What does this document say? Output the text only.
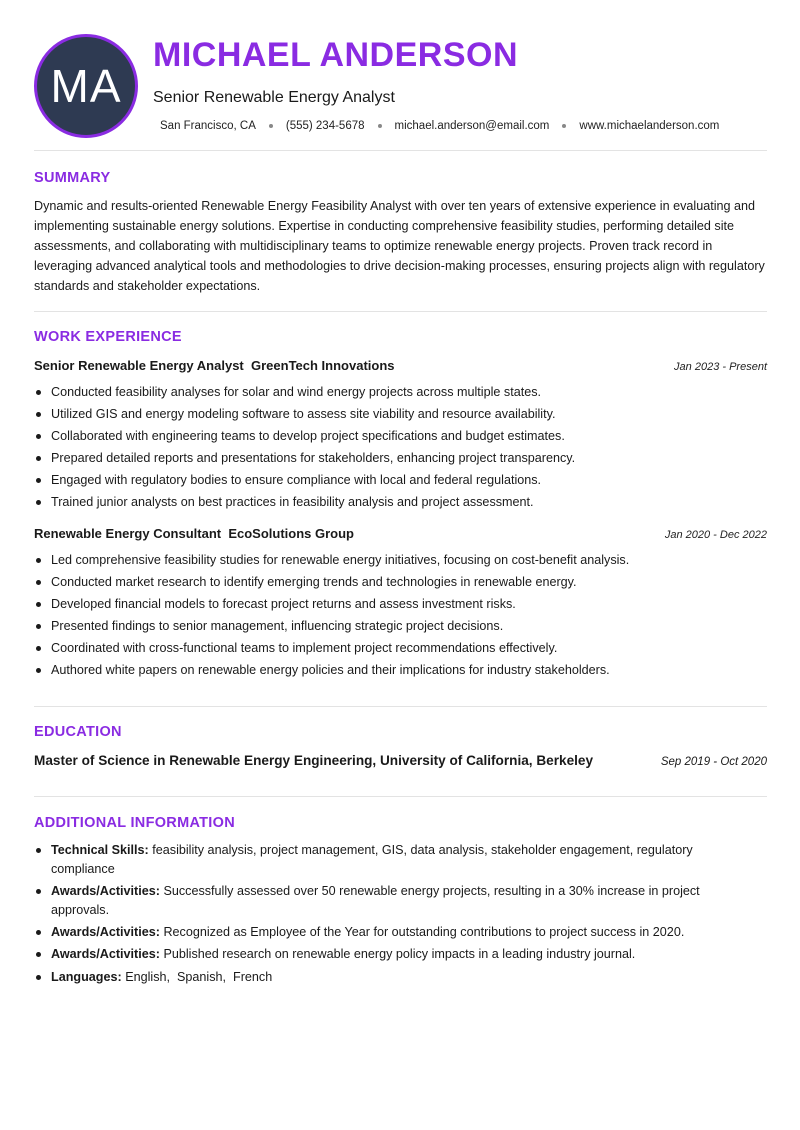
MA
MICHAEL ANDERSON
Senior Renewable Energy Analyst
San Francisco, CA	(555) 234-5678	michael.anderson@email.com	www.michaelanderson.com
SUMMARY

Dynamic and results-oriented Renewable Energy Feasibility Analyst with over ten years of extensive experience in evaluating and implementing sustainable energy solutions. Expertise in conducting comprehensive feasibility studies, performing detailed site assessments, and collaborating with multidisciplinary teams to optimize renewable energy projects. Proven track record in leveraging advanced analytical tools and methodologies to drive decision-making processes, ensuring projects align with regulatory standards and stakeholder expectations.

WORK EXPERIENCE
Senior Renewable Energy Analyst GreenTech Innovations	Jan 2023 - Present
Conducted feasibility analyses for solar and wind energy projects across multiple states.
Utilized GIS and energy modeling software to assess site viability and resource availability.
Collaborated with engineering teams to develop project specifications and budget estimates.
Prepared detailed reports and presentations for stakeholders, enhancing project transparency.
Engaged with regulatory bodies to ensure compliance with local and federal regulations.
Trained junior analysts on best practices in feasibility analysis and project assessment.
Renewable Energy Consultant EcoSolutions Group	Jan 2020 - Dec 2022
Led comprehensive feasibility studies for renewable energy initiatives, focusing on cost-benefit analysis.
Conducted market research to identify emerging trends and technologies in renewable energy.
Developed financial models to forecast project returns and assess investment risks.
Presented findings to senior management, influencing strategic project decisions.
Coordinated with cross-functional teams to implement project recommendations effectively.
Authored white papers on renewable energy policies and their implications for industry stakeholders.
EDUCATION
Master of Science in Renewable Energy Engineering, University of California, Berkeley	Sep 2019 - Oct 2020
ADDITIONAL INFORMATION
Technical Skills: feasibility analysis, project management, GIS, data analysis, stakeholder engagement, regulatory compliance
Awards/Activities: Successfully assessed over 50 renewable energy projects, resulting in a 30% increase in project approvals.
Awards/Activities: Recognized as Employee of the Year for outstanding contributions to project success in 2020.
Awards/Activities: Published research on renewable energy policy impacts in a leading industry journal.
Languages: English,  Spanish,  French
